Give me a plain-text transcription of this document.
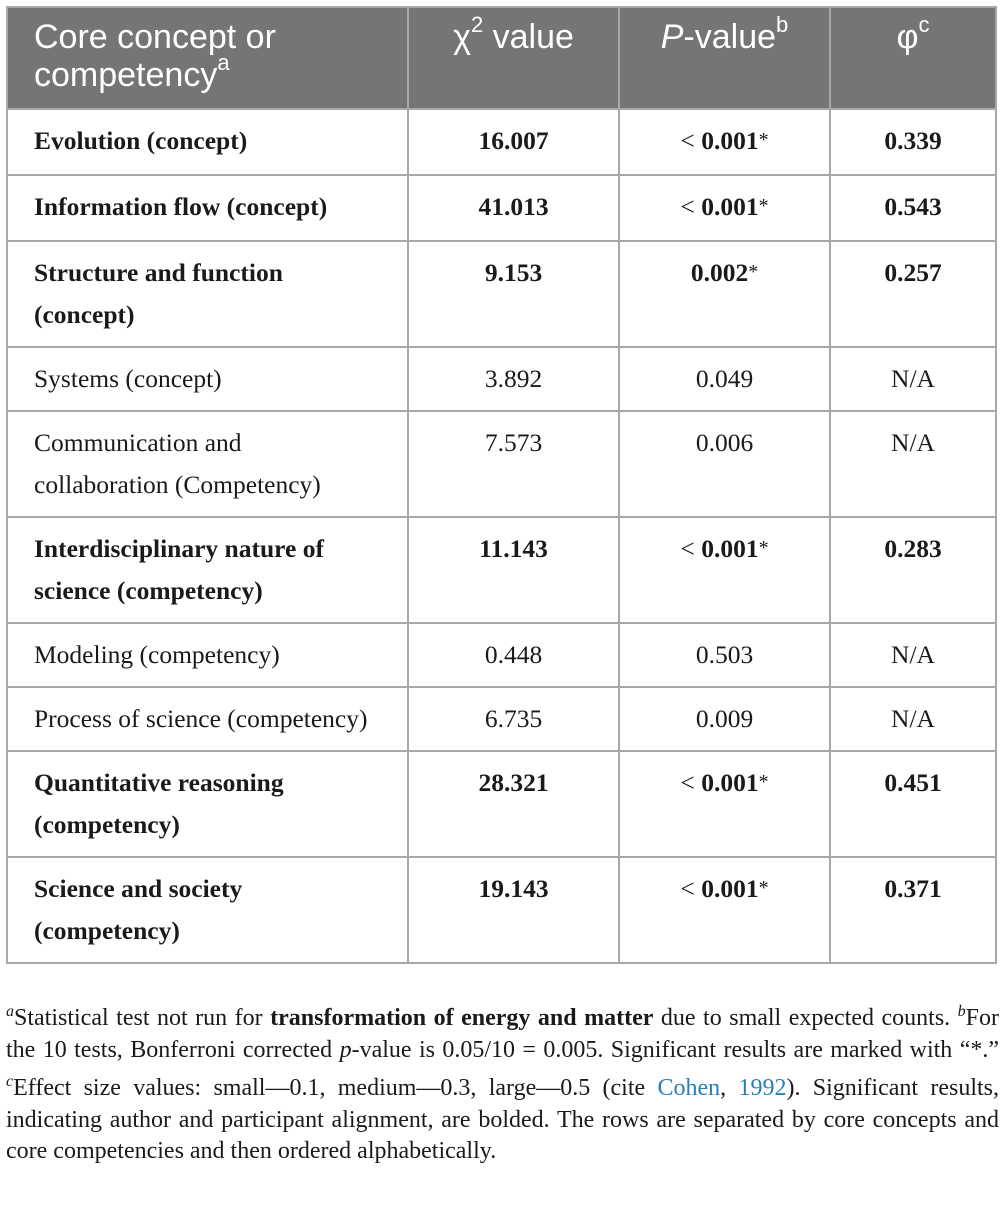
Core concept or competency$^a$	$\chi^2$ value	P-value$^b$	$\varphi^c$
Evolution (concept)	16.007	< 0.001*	0.339
Information flow (concept)	41.013	< 0.001*	0.543
Structure and function (concept)	9.153	0.002*	0.257
Systems (concept)	3.892	0.049	N/A
Communication and collaboration (Competency)	7.573	0.006	N/A
Interdisciplinary nature of science (competency)	11.143	< 0.001*	0.283
Modeling (competency)	0.448	0.503	N/A
Process of science (competency)	6.735	0.009	N/A
Quantitative reasoning (competency)	28.321	< 0.001*	0.451
Science and society (competency)	19.143	< 0.001*	0.371
$^a$Statistical test not run for transformation of energy and matter due to small expected counts. $^b$For the 10 tests, Bonferroni corrected p-value is 0.05/10 = 0.005. Significant results are marked with “*.” $^c$Effect size values: small—0.1, medium—0.3, large—0.5 (cite Cohen, 1992). Significant results, indicating author and participant alignment, are bolded. The rows are separated by core concepts and core competencies and then ordered alphabetically.
